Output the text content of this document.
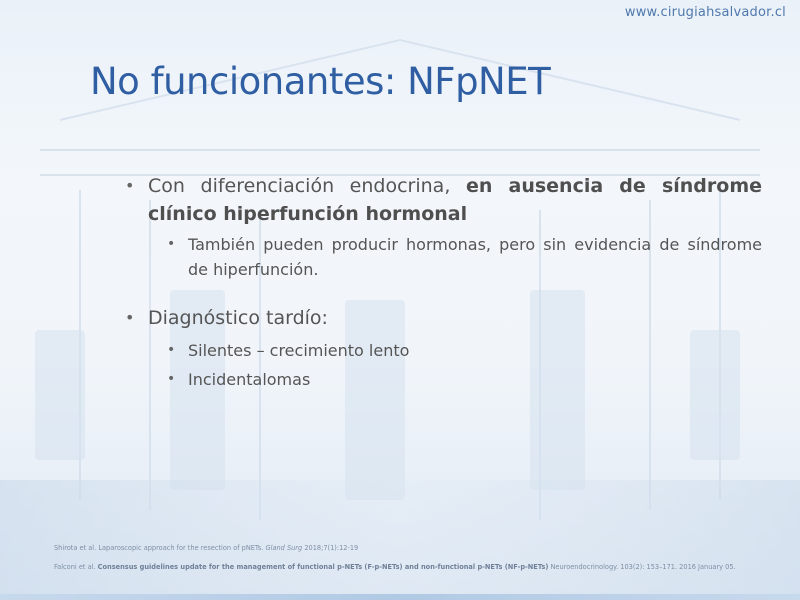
www.cirugiahsalvador.cl
No funcionantes: NFpNET
• Con diferenciación endocrina, en ausencia de síndrome clínico hiperfunción hormonal
• También pueden producir hormonas, pero sin evidencia de síndrome de hiperfunción.
• Diagnóstico tardío:
• Silentes – crecimiento lento
• Incidentalomas
Shirota et al. Laparoscopic approach for the resection of pNETs. Gland Surg 2018;7(1):12-19
Falconi et al. Consensus guidelines update for the management of functional p-NETs (F-p-NETs) and non-functional p-NETs (NF-p-NETs) Neuroendocrinology. 103(2): 153–171. 2016 January 05.
